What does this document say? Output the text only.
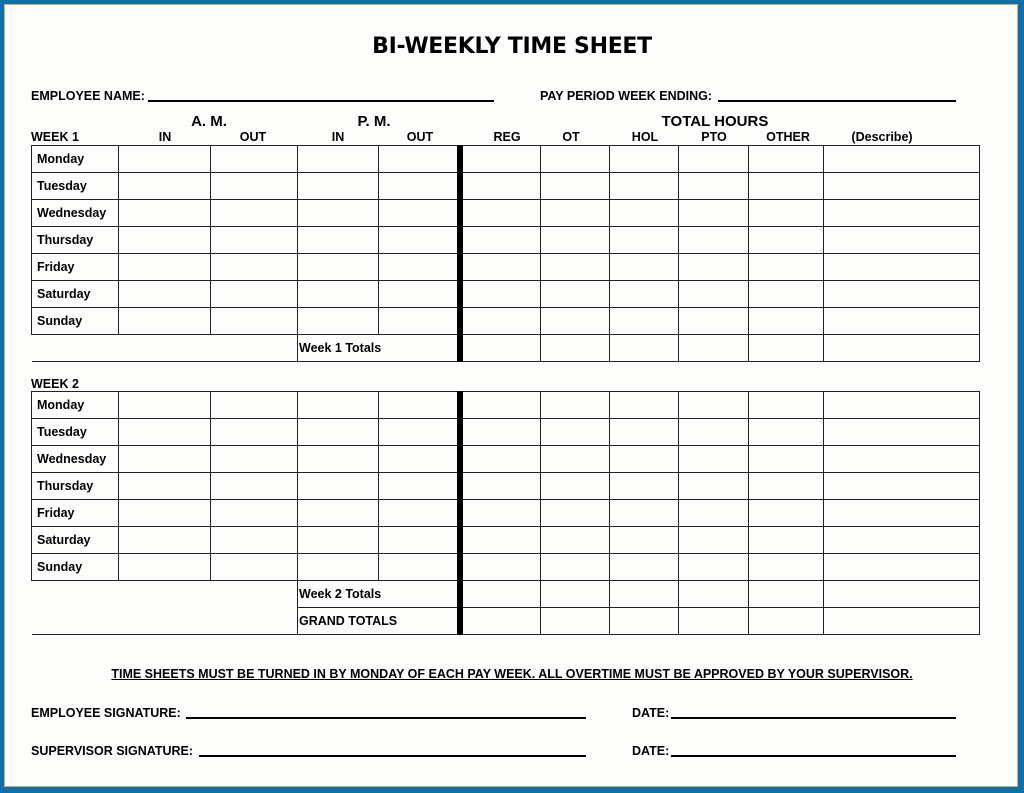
BI-WEEKLY TIME SHEET
EMPLOYEE NAME:	PAY PERIOD WEEK ENDING:
A. M.	P. M.	TOTAL HOURS
WEEK 1	IN	OUT	IN	OUT	REG	OT	HOL	PTO	OTHER	(Describe)
Monday										
Tuesday										
Wednesday										
Thursday										
Friday										
Saturday										
Sunday										
			Week 1 Totals							
WEEK 2
Monday										
Tuesday										
Wednesday										
Thursday										
Friday										
Saturday										
Sunday										
			Week 2 Totals							
			GRAND TOTALS							
TIME SHEETS MUST BE TURNED IN BY MONDAY OF EACH PAY WEEK. ALL OVERTIME MUST BE APPROVED BY YOUR SUPERVISOR.
EMPLOYEE SIGNATURE:	DATE:
SUPERVISOR SIGNATURE:	DATE:
